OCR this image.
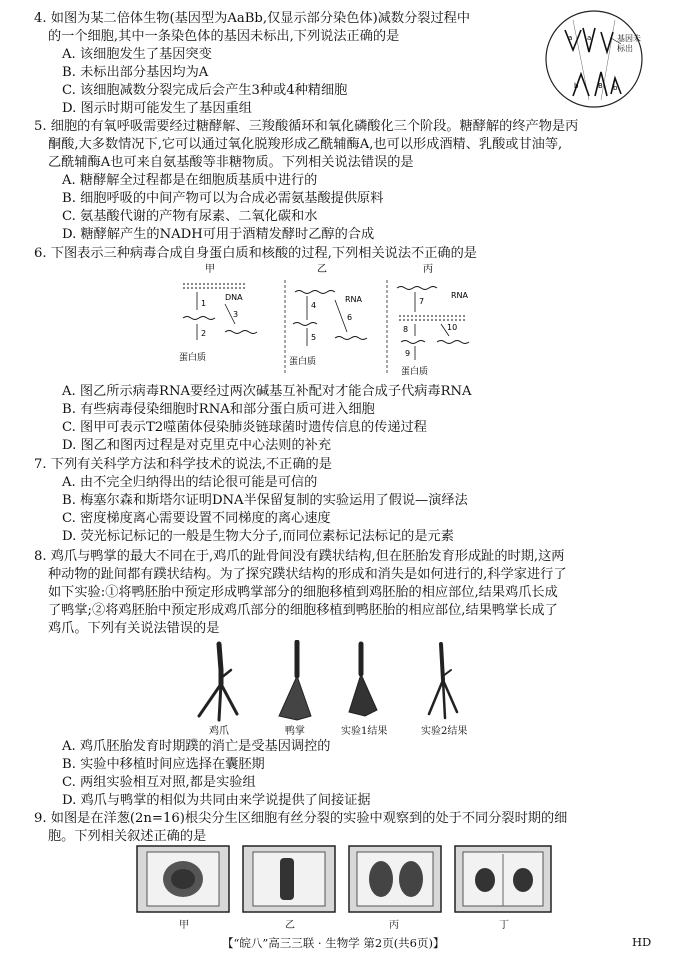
4. 如图为某二倍体生物(基因型为AaBb,仅显示部分染色体)减数分裂过程中

的一个细胞,其中一条染色体的基因未标出,下列说法正确的是

A. 该细胞发生了基因突变

B. 未标出部分基因均为A

C. 该细胞减数分裂完成后会产生3种或4种精细胞

D. 图示时期可能发生了基因重组

a a
b	B b
基因未标出

5. 细胞的有氧呼吸需要经过糖酵解、三羧酸循环和氧化磷酸化三个阶段。糖酵解的终产物是丙

酮酸,大多数情况下,它可以通过氧化脱羧形成乙酰辅酶A,也可以形成酒精、乳酸或甘油等,

乙酰辅酶A也可来自氨基酸等非糖物质。下列相关说法错误的是

A. 糖酵解全过程都是在细胞质基质中进行的

B. 细胞呼吸的中间产物可以为合成必需氨基酸提供原料

C. 氨基酸代谢的产物有尿素、二氧化碳和水

D. 糖酵解产生的NADH可用于酒精发酵时乙醇的合成

6. 下图表示三种病毒合成自身蛋白质和核酸的过程,下列相关说法不正确的是

甲	乙	丙
DNA
1
3
2
蛋白质
RNA
4
6
5
蛋白质
RNA
7
8	10
9
蛋白质

A. 图乙所示病毒RNA要经过两次碱基互补配对才能合成子代病毒RNA

B. 有些病毒侵染细胞时RNA和部分蛋白质可进入细胞

C. 图甲可表示T2噬菌体侵染肺炎链球菌时遗传信息的传递过程

D. 图乙和图丙过程是对克里克中心法则的补充

7. 下列有关科学方法和科学技术的说法,不正确的是

A. 由不完全归纳得出的结论很可能是可信的

B. 梅塞尔森和斯塔尔证明DNA半保留复制的实验运用了假说—演绎法

C. 密度梯度离心需要设置不同梯度的离心速度

D. 荧光标记标记的一般是生物大分子,而同位素标记法标记的是元素

8. 鸡爪与鸭掌的最大不同在于,鸡爪的趾骨间没有蹼状结构,但在胚胎发育形成趾的时期,这两

种动物的趾间都有蹼状结构。为了探究蹼状结构的形成和消失是如何进行的,科学家进行了

如下实验:①将鸭胚胎中预定形成鸭掌部分的细胞移植到鸡胚胎的相应部位,结果鸡爪长成

了鸭掌;②将鸡胚胎中预定形成鸡爪部分的细胞移植到鸭胚胎的相应部位,结果鸭掌长成了

鸡爪。下列有关说法错误的是

鸡爪	鸭掌	实验1结果	实验2结果

A. 鸡爪胚胎发育时期蹼的消亡是受基因调控的

B. 实验中移植时间应选择在囊胚期

C. 两组实验相互对照,都是实验组

D. 鸡爪与鸭掌的相似为共同由来学说提供了间接证据

9. 如图是在洋葱(2n=16)根尖分生区细胞有丝分裂的实验中观察到的处于不同分裂时期的细

胞。下列相关叙述正确的是

甲	乙	丙	丁
【“皖八”高三三联 · 生物学 第2页(共6页)】	HD
